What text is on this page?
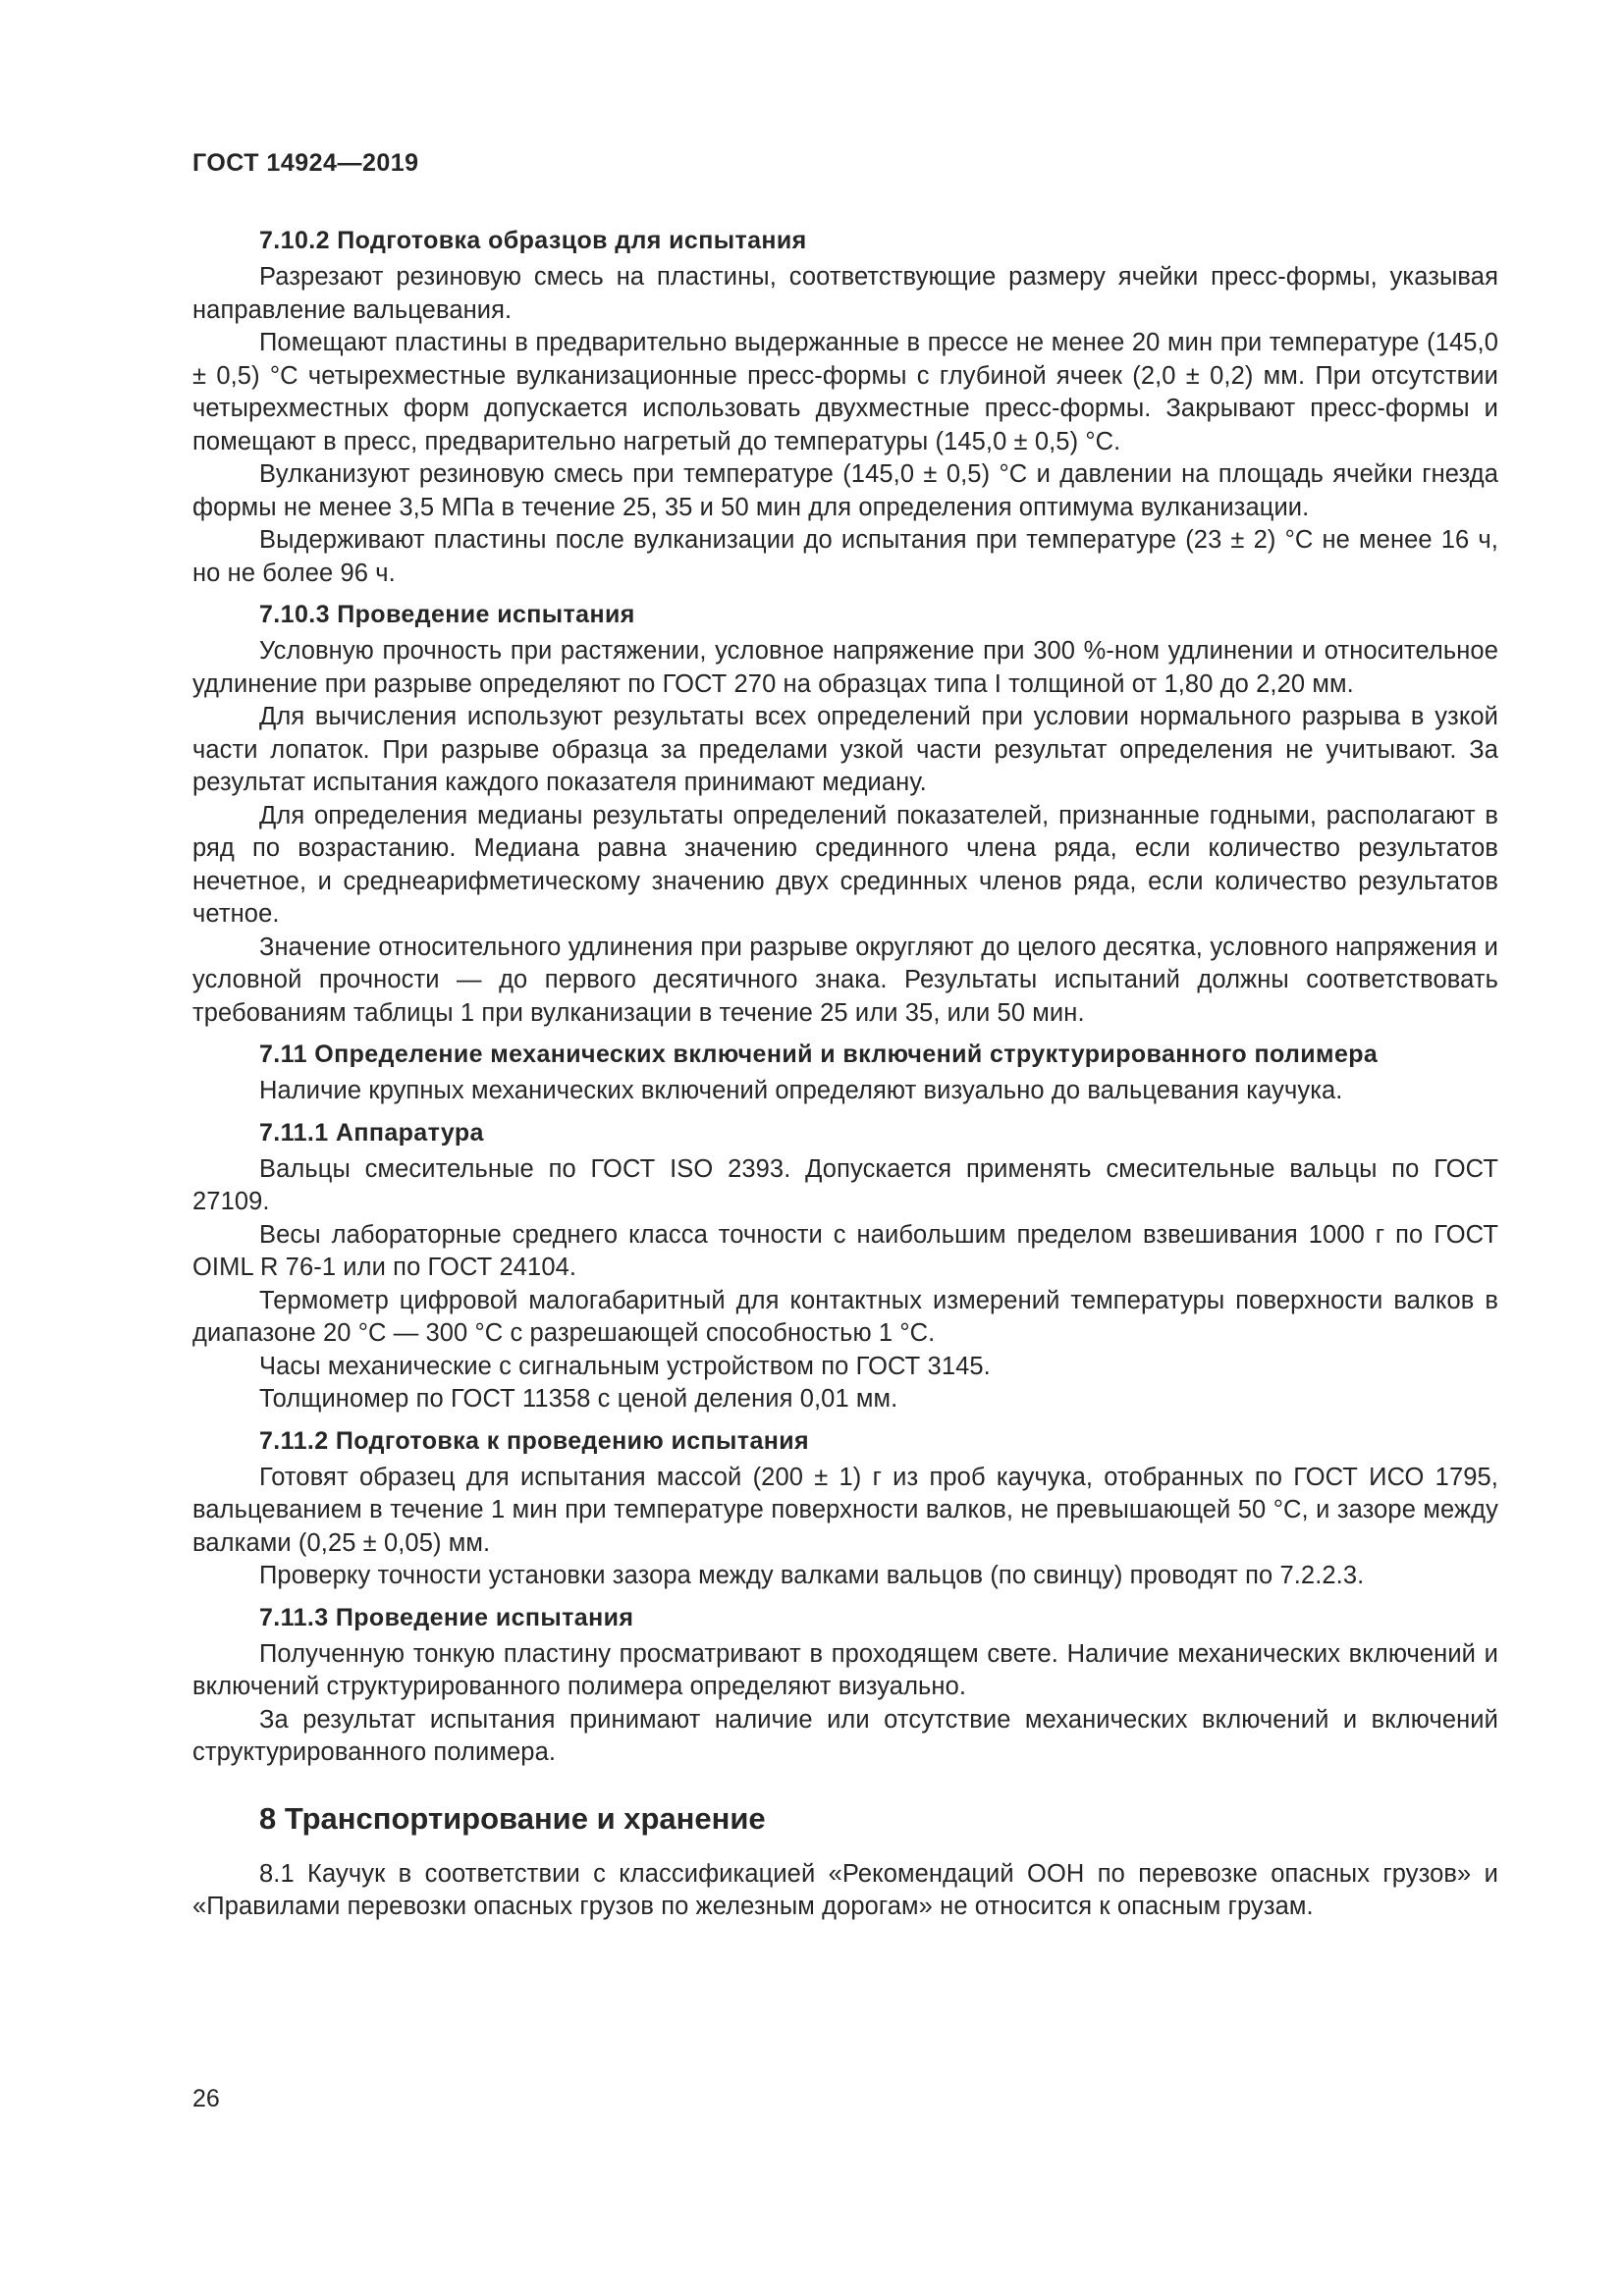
ГОСТ 14924—2019
7.10.2 Подготовка образцов для испытания

Разрезают резиновую смесь на пластины, соответствующие размеру ячейки пресс-формы, указывая направление вальцевания.

Помещают пластины в предварительно выдержанные в прессе не менее 20 мин при температуре (145,0 ± 0,5) °С четырехместные вулканизационные пресс-формы с глубиной ячеек (2,0 ± 0,2) мм. При отсутствии четырехместных форм допускается использовать двухместные пресс-формы. Закрывают пресс-формы и помещают в пресс, предварительно нагретый до температуры (145,0 ± 0,5) °С.

Вулканизуют резиновую смесь при температуре (145,0 ± 0,5) °С и давлении на площадь ячейки гнезда формы не менее 3,5 МПа в течение 25, 35 и 50 мин для определения оптимума вулканизации.

Выдерживают пластины после вулканизации до испытания при температуре (23 ± 2) °С не менее 16 ч, но не более 96 ч.

7.10.3 Проведение испытания

Условную прочность при растяжении, условное напряжение при 300 %-ном удлинении и относительное удлинение при разрыве определяют по ГОСТ 270 на образцах типа I толщиной от 1,80 до 2,20 мм.

Для вычисления используют результаты всех определений при условии нормального разрыва в узкой части лопаток. При разрыве образца за пределами узкой части результат определения не учитывают. За результат испытания каждого показателя принимают медиану.

Для определения медианы результаты определений показателей, признанные годными, располагают в ряд по возрастанию. Медиана равна значению срединного члена ряда, если количество результатов нечетное, и среднеарифметическому значению двух срединных членов ряда, если количество результатов четное.

Значение относительного удлинения при разрыве округляют до целого десятка, условного напряжения и условной прочности — до первого десятичного знака. Результаты испытаний должны соответствовать требованиям таблицы 1 при вулканизации в течение 25 или 35, или 50 мин.

7.11 Определение механических включений и включений структурированного полимера

Наличие крупных механических включений определяют визуально до вальцевания каучука.

7.11.1 Аппаратура

Вальцы смесительные по ГОСТ ISO 2393. Допускается применять смесительные вальцы по ГОСТ 27109.

Весы лабораторные среднего класса точности с наибольшим пределом взвешивания 1000 г по ГОСТ OIML R 76-1 или по ГОСТ 24104.

Термометр цифровой малогабаритный для контактных измерений температуры поверхности валков в диапазоне 20 °С — 300 °С с разрешающей способностью 1 °С.

Часы механические с сигнальным устройством по ГОСТ 3145.

Толщиномер по ГОСТ 11358 с ценой деления 0,01 мм.

7.11.2 Подготовка к проведению испытания

Готовят образец для испытания массой (200 ± 1) г из проб каучука, отобранных по ГОСТ ИСО 1795, вальцеванием в течение 1 мин при температуре поверхности валков, не превышающей 50 °С, и зазоре между валками (0,25 ± 0,05) мм.

Проверку точности установки зазора между валками вальцов (по свинцу) проводят по 7.2.2.3.

7.11.3 Проведение испытания

Полученную тонкую пластину просматривают в проходящем свете. Наличие механических включений и включений структурированного полимера определяют визуально.

За результат испытания принимают наличие или отсутствие механических включений и включений структурированного полимера.

8 Транспортирование и хранение

8.1 Каучук в соответствии с классификацией «Рекомендаций ООН по перевозке опасных грузов» и «Правилами перевозки опасных грузов по железным дорогам» не относится к опасным грузам.

26
